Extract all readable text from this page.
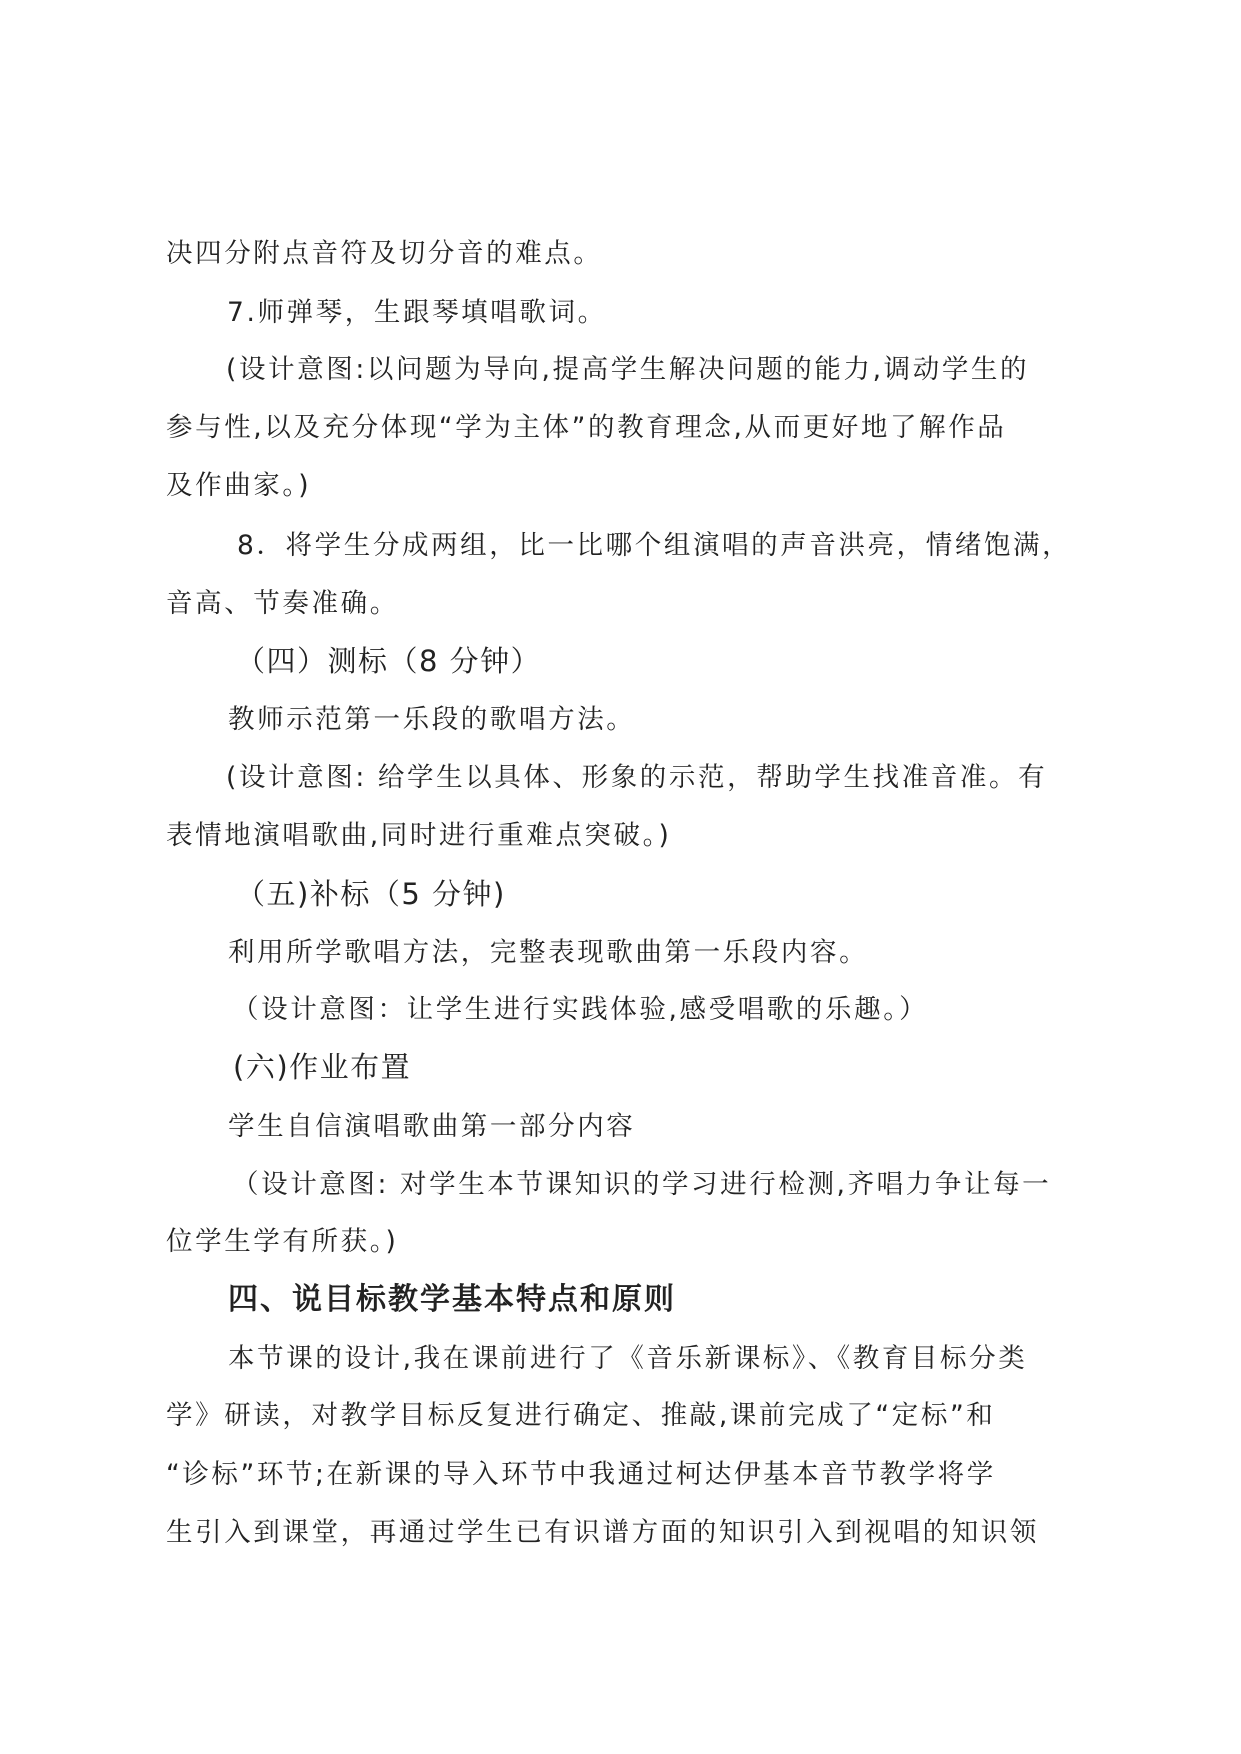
决四分附点音符及切分音的难点。
7.师弹琴，生跟琴填唱歌词。
(设计意图:以问题为导向,提高学生解决问题的能力,调动学生的
参与性,以及充分体现“学为主体”的教育理念,从而更好地了解作品
及作曲家。)
8．将学生分成两组，比一比哪个组演唱的声音洪亮，情绪饱满，
音高、节奏准确。
（四）测标（8 分钟）
教师示范第一乐段的歌唱方法。
(设计意图: 给学生以具体、形象的示范，帮助学生找准音准。有
表情地演唱歌曲,同时进行重难点突破。)
（五)补标（5 分钟)
利用所学歌唱方法，完整表现歌曲第一乐段内容。
（设计意图：让学生进行实践体验,感受唱歌的乐趣。）
(六)作业布置
学生自信演唱歌曲第一部分内容
（设计意图: 对学生本节课知识的学习进行检测,齐唱力争让每一
位学生学有所获。)
四、说目标教学基本特点和原则
本节课的设计,我在课前进行了《音乐新课标》、《教育目标分类
学》研读，对教学目标反复进行确定、推敲,课前完成了“定标”和
“诊标”环节;在新课的导入环节中我通过柯达伊基本音节教学将学
生引入到课堂，再通过学生已有识谱方面的知识引入到视唱的知识领
